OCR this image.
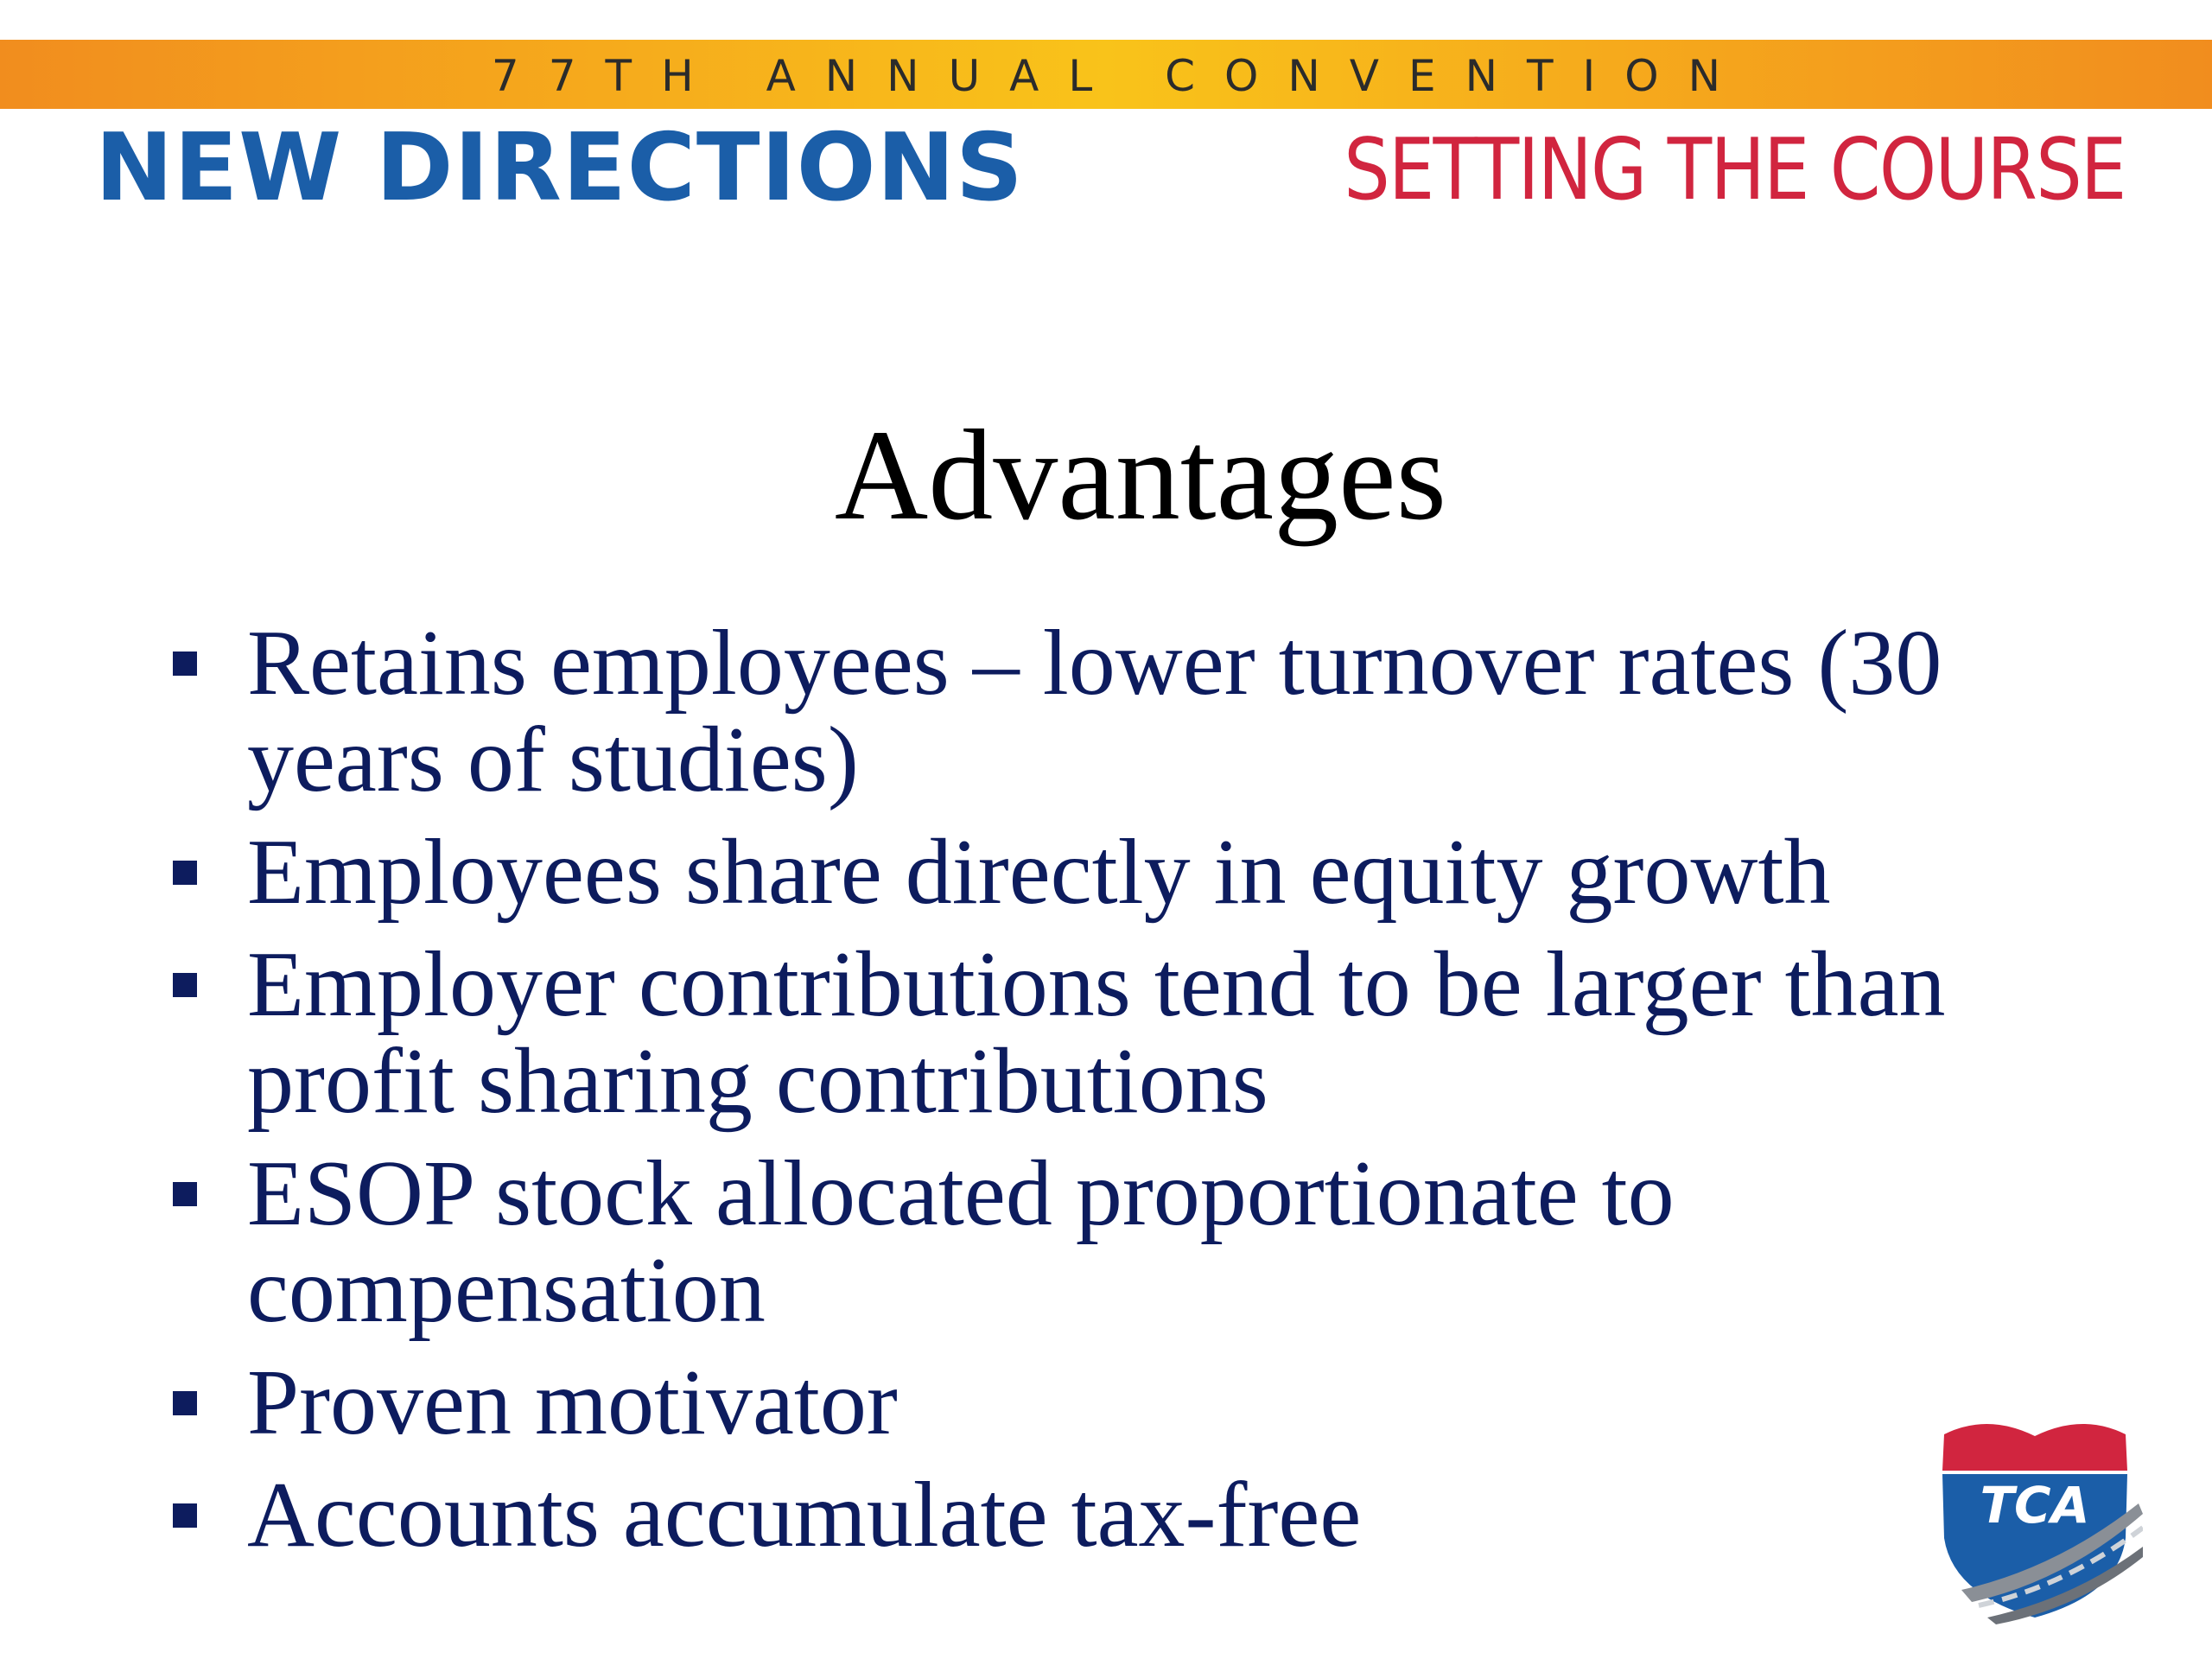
77TH ANNUAL CONVENTION
NEW DIRECTIONS	SETTING THE COURSE
Advantages
Retains employees – lower turnover rates (30 years of studies)
Employees share directly in equity growth
Employer contributions tend to be larger than profit sharing contributions
ESOP stock allocated proportionate to compensation
Proven motivator
Accounts accumulate tax-free	TCA
